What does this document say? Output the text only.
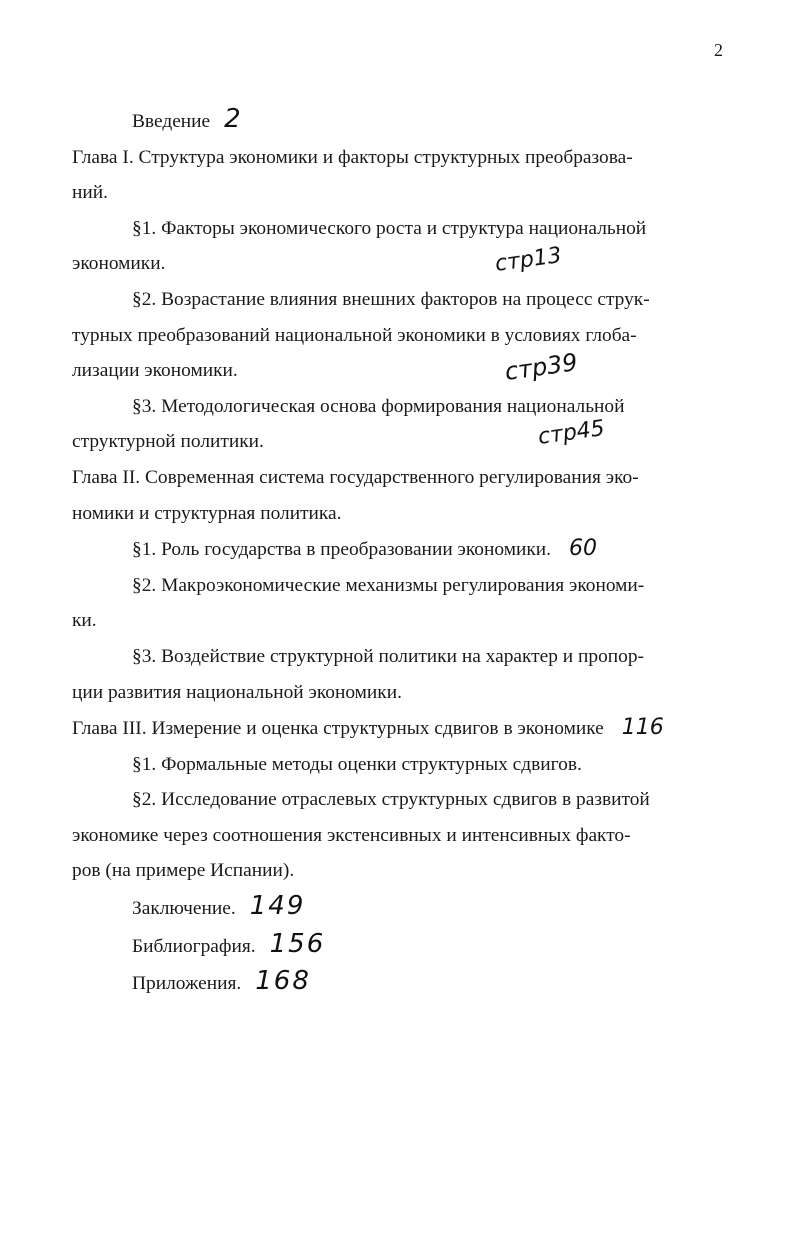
2

Введение 2

Глава I. Структура экономики и факторы структурных преобразова-

ний.

§1. Факторы экономического роста и структура национальной

экономики.

§2. Возрастание влияния внешних факторов на процесс струк-

турных преобразований национальной экономики в условиях глоба-

лизации экономики.

§3. Методологическая основа формирования национальной

структурной политики.

Глава II. Современная система государственного регулирования эко-

номики и структурная политика.

§1. Роль государства в преобразовании экономики. 60

§2. Макроэкономические механизмы регулирования экономи-

ки.

§3. Воздействие структурной политики на характер и пропор-

ции развития национальной экономики.

Глава III. Измерение и оценка структурных сдвигов в экономике 116

§1. Формальные методы оценки структурных сдвигов.

§2. Исследование отраслевых структурных сдвигов в развитой

экономике через соотношения экстенсивных и интенсивных факто-

ров (на примере Испании).

Заключение. 149

Библиография. 156

Приложения. 168

стр13
стр39
стр45
